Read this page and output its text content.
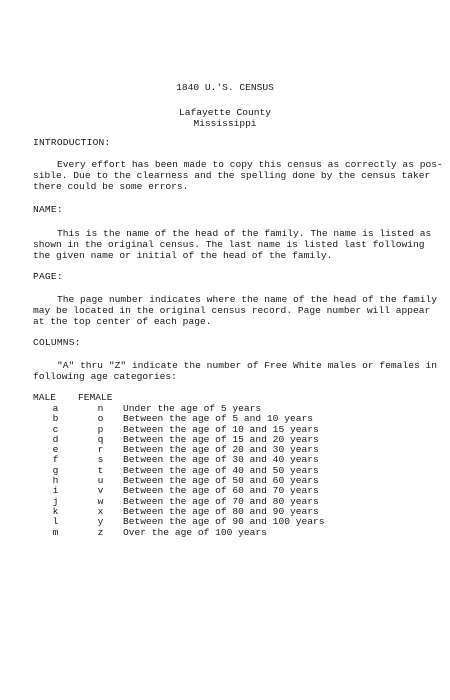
1840 U.'S. CENSUS
Lafayette County
Mississippi
INTRODUCTION:
Every effort has been made to copy this census as correctly as pos-
sible. Due to the clearness and the spelling done by the census taker
there could be some errors.
NAME:
This is the name of the head of the family. The name is listed as
shown in the original census. The last name is listed last following
the given name or initial of the head of the family.
PAGE:
The page number indicates where the name of the head of the family
may be located in the original census record. Page number will appear
at the top center of each page.
COLUMNS:
"A" thru "Z" indicate the number of Free White males or females in
following age categories:
MALE	FEMALE
a	n	Under the age of 5 years
b	o	Between the age of 5 and 10 years
c	p	Between the age of 10 and 15 years
d	q	Between the age of 15 and 20 years
e	r	Between the age of 20 and 30 years
f	s	Between the age of 30 and 40 years
g	t	Between the age of 40 and 50 years
h	u	Between the age of 50 and 60 years
i	v	Between the age of 60 and 70 years
j	w	Between the age of 70 and 80 years
k	x	Between the age of 80 and 90 years
l	y	Between the age of 90 and 100 years
m	z	Over the age of 100 years
